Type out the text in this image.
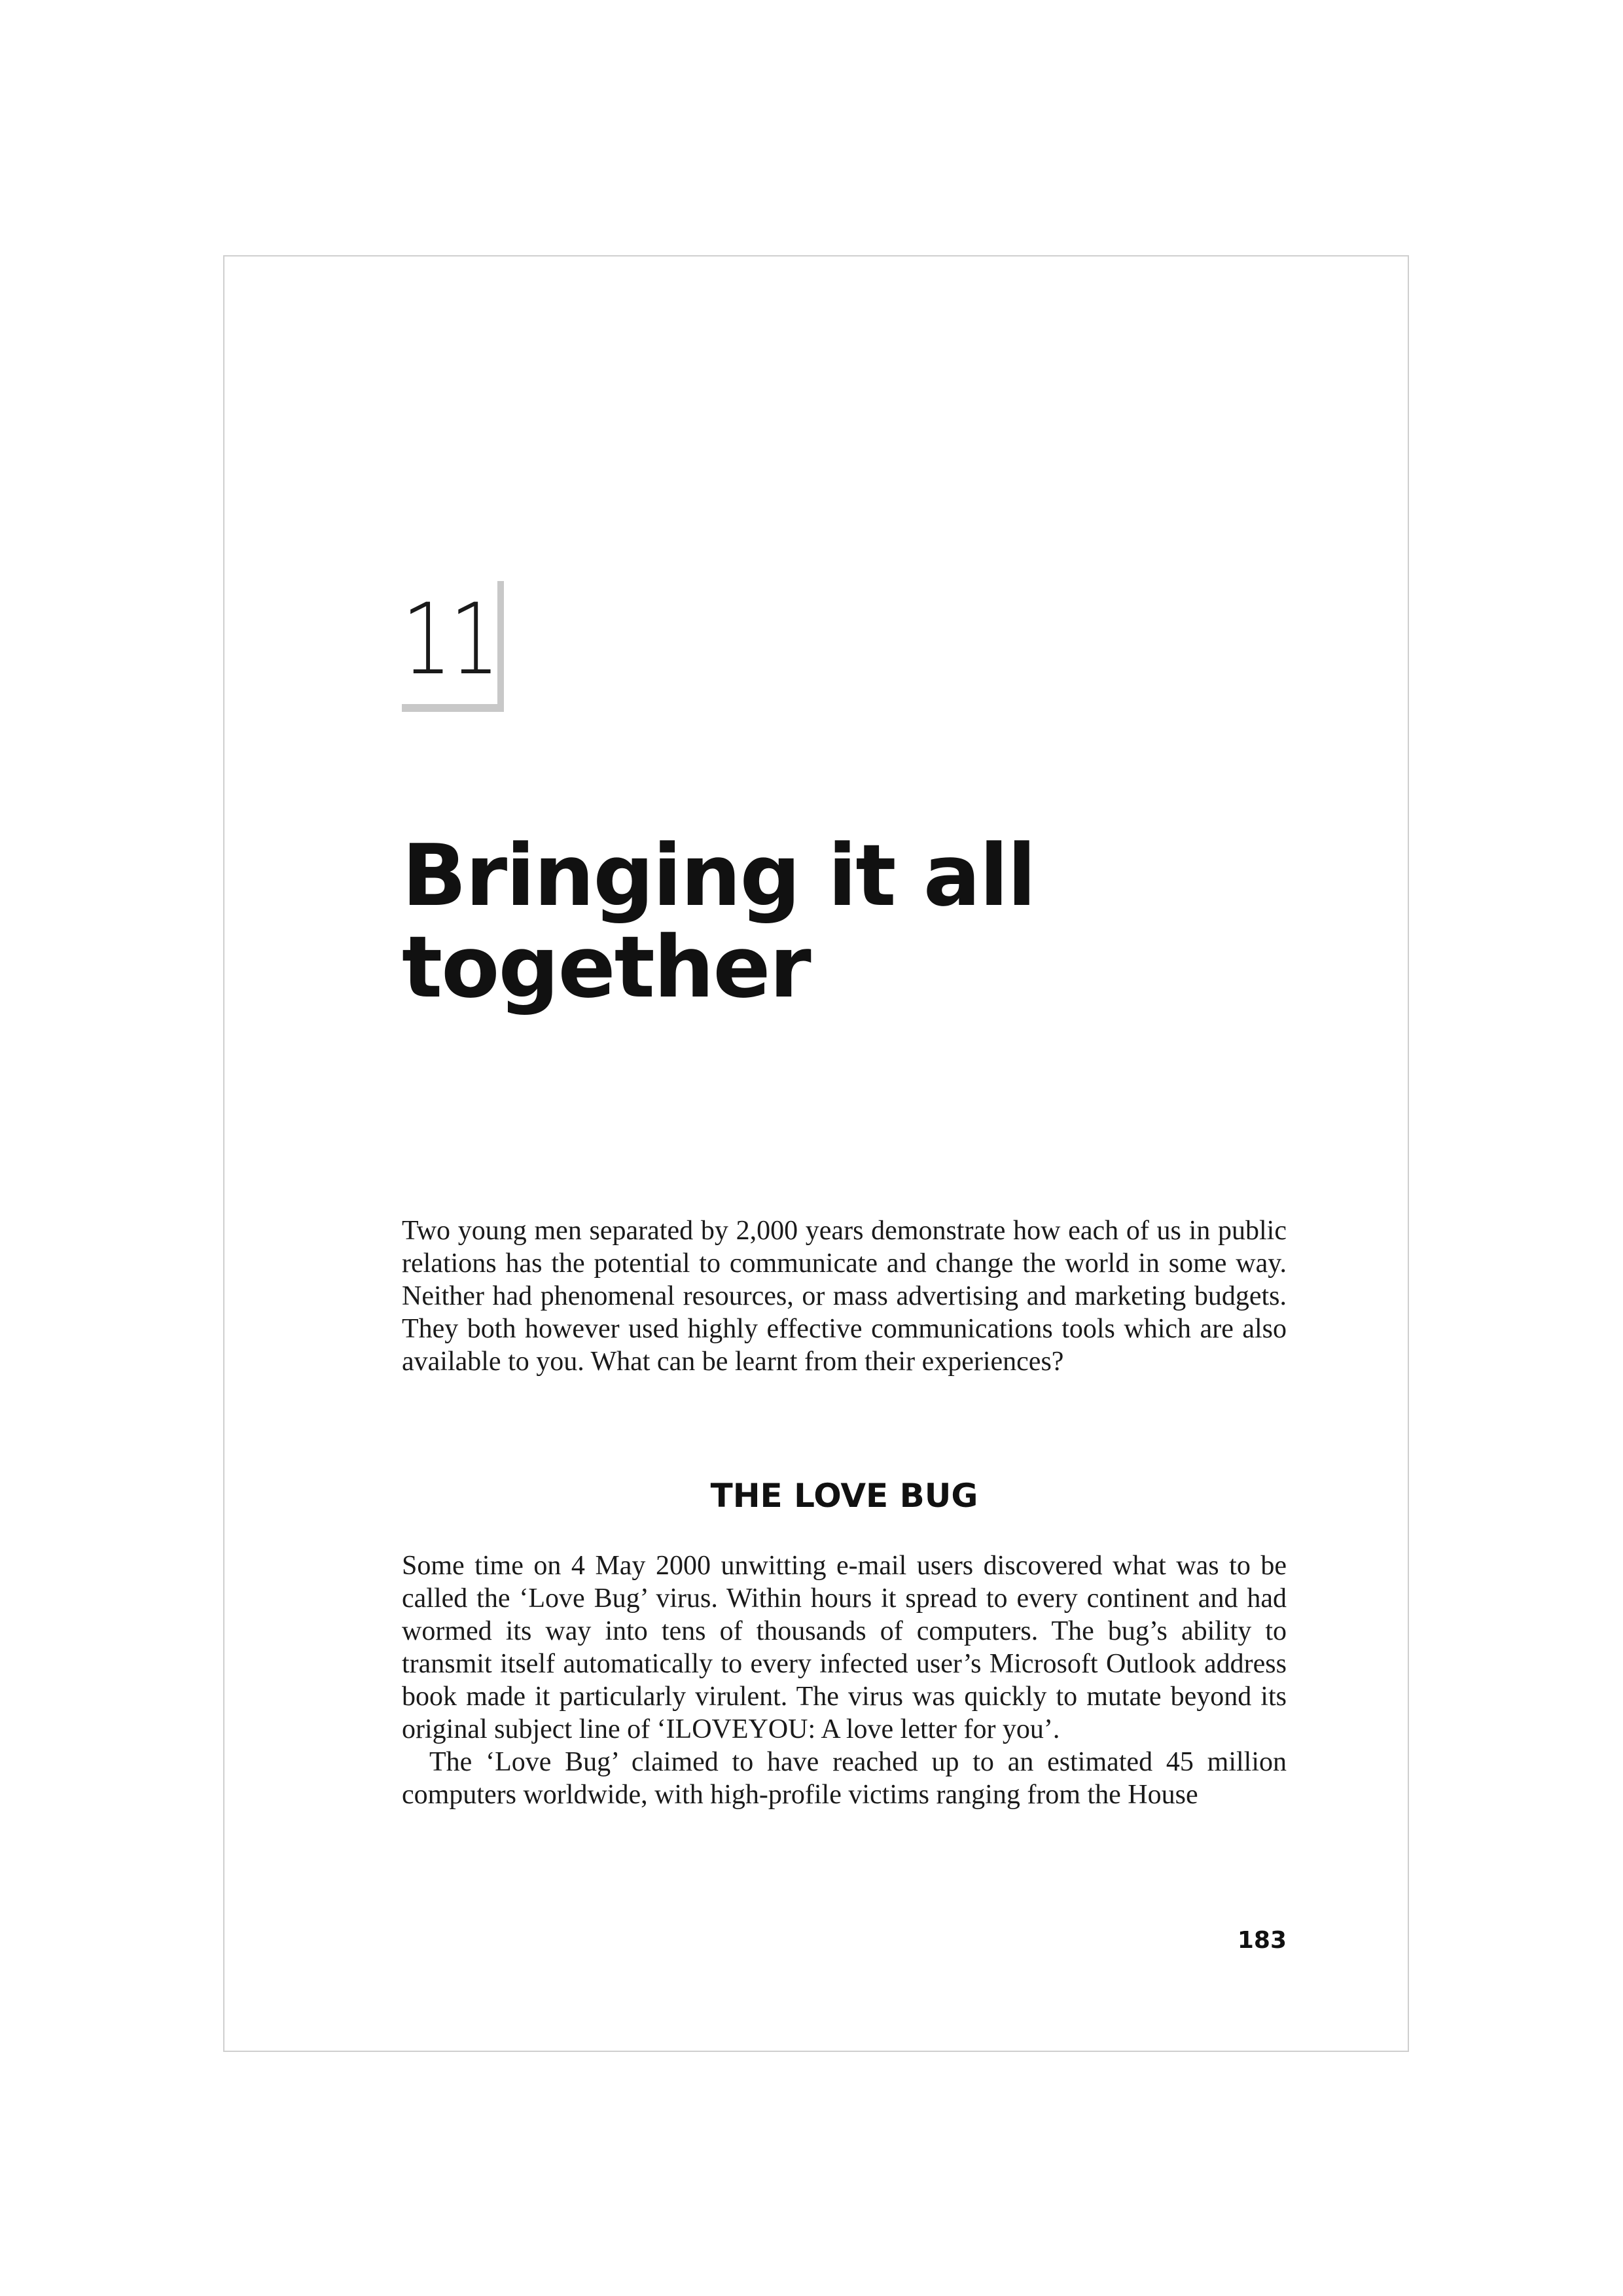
11
Bringing it all together

Two young men separated by 2,000 years demonstrate how each of us in public relations has the potential to communicate and change the world in some way. Neither had phenomenal resources, or mass advertising and marketing budgets. They both however used highly effective communications tools which are also available to you. What can be learnt from their experiences?

THE LOVE BUG

Some time on 4 May 2000 unwitting e-mail users discovered what was to be called the ‘Love Bug’ virus. Within hours it spread to every continent and had wormed its way into tens of thousands of computers. The bug’s ability to transmit itself automatically to every infected user’s Microsoft Outlook address book made it particularly virulent. The virus was quickly to mutate beyond its original subject line of ‘ILOVEYOU: A love letter for you’.

The ‘Love Bug’ claimed to have reached up to an estimated 45 million computers worldwide, with high-profile victims ranging from the House

183
